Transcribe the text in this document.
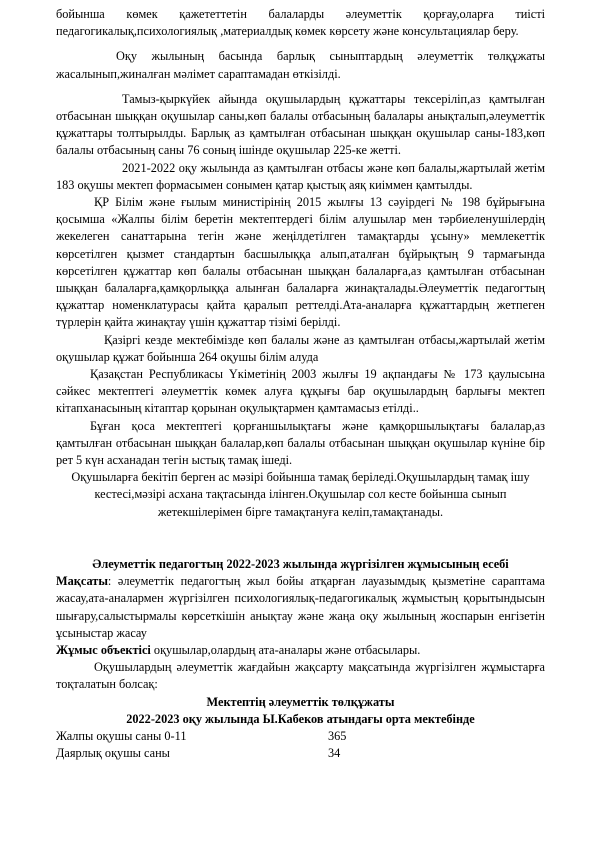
бойынша көмек қажететтетін балаларды әлеуметтік қорғау,оларға тиісті педагогикалық,психологиялық ,материалдық көмек көрсету және консультациялар беру.

Оқу жылының басында барлық сыныптардың әлеуметтік төлқұжаты жасалынып,жиналған мәлімет сараптамадан өткізілді.

Тамыз-қыркүйек айында оқушылардың құжаттары тексеріліп,аз қамтылған отбасынан шыққан оқушылар саны,көп балалы отбасының балалары анықталып,әлеуметтік құжаттары толтырылды. Барлық аз қамтылған отбасынан шыққан оқушылар саны-183,көп балалы отбасының саны 76 соның ішінде оқушылар 225-ке жетті.

2021-2022 оқу жылында аз қамтылған отбасы және көп балалы,жартылай жетім 183 оқушы мектеп формасымен сонымен қатар қыстық аяқ киіммен қамтылды.

ҚР Білім және ғылым министірінің 2015 жылғы 13 сәуірдегі № 198 бұйрығына қосымша «Жалпы білім беретін мектептердегі білім алушылар мен тәрбиеленушілердің жекелеген санаттарына тегін және жеңілдетілген тамақтарды ұсыну» мемлекеттік көрсетілген қызмет стандартын басшылыққа алып,аталған бұйрықтың 9 тармағында көрсетілген құжаттар көп балалы отбасынан шыққан балаларға,аз қамтылған отбасынан шыққан балаларға,қамқорлыққа алынған балаларға жинақталады.Әлеуметтік педагогтың құжаттар номенклатурасы қайта қаралып реттелді.Ата-аналарға құжаттардың жетпеген түрлерін қайта жинақтау үшін құжаттар тізімі берілді.

Қазіргі кезде мектебімізде көп балалы және аз қамтылған отбасы,жартылай жетім оқушылар құжат бойынша 264 оқушы білім алуда

Қазақстан Республикасы Үкіметінің 2003 жылғы 19 ақпандағы № 173 қаулысына сәйкес мектептегі әлеуметтік көмек алуға құқығы бар оқушылардың барлығы мектеп кітапханасының кітаптар қорынан оқулықтармен қамтамасыз етілді..

Бұған қоса мектептегі қорғаншылықтағы және қамқоршылықтағы балалар,аз қамтылған отбасынан шыққан балалар,көп балалы отбасынан шыққан оқушылар күніне бір рет 5 күн асханадан тегін ыстық тамақ ішеді.

Оқушыларға бекітіп берген ас мәзірі бойынша тамақ беріледі.Оқушылардың тамақ ішу кестесі,мәзірі асхана тақтасында ілінген.Оқушылар сол кесте бойынша сынып жетекшілерімен бірге тамақтануға келіп,тамақтанады.

Әлеуметтік педагогтың 2022-2023 жылында жүргізілген жұмысының есебі

Мақсаты: әлеуметтік педагогтың жыл бойы атқарған лауазымдық қызметіне сараптама жасау,ата-аналармен жүргізілген психологиялық-педагогикалық жұмыстың қорытындысын шығару,салыстырмалы көрсеткішін анықтау және жаңа оқу жылының жоспарын енгізетін ұсыныстар жасау

Жұмыс объектісі оқушылар,олардың ата-аналары және отбасылары.

Оқушылардың әлеуметтік жағдайын жақсарту мақсатында жүргізілген жұмыстарға тоқталатын болсақ:

Мектептің әлеуметтік төлқұжаты

2022-2023 оқу жылында Ы.Кабеков атындағы орта мектебінде

Жалпы оқушы саны 0-11	365
Даярлық оқушы саны	34
